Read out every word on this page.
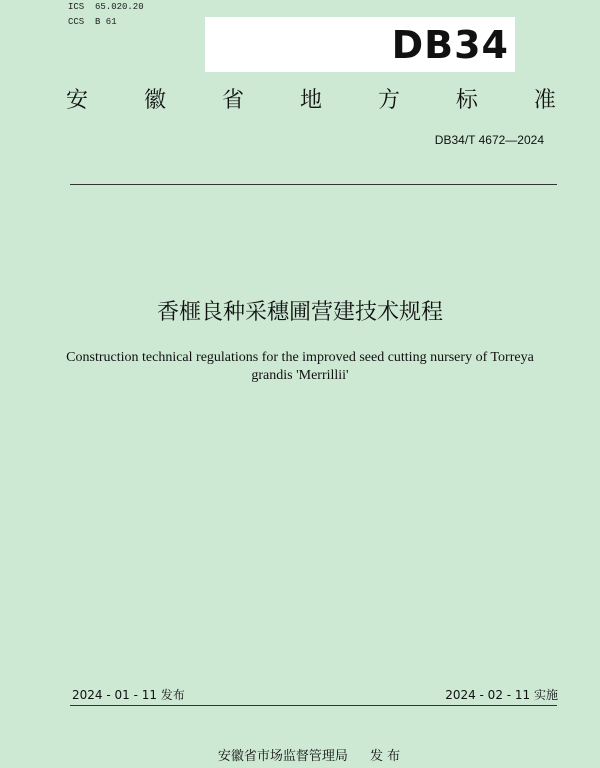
ICS  65.020.20
CCS  B 61
DB34
安	徽	省	地	方	标	准
DB34/T 4672—2024
香榧良种采穗圃营建技术规程
Construction technical regulations for the improved seed cutting nursery of Torreya grandis 'Merrillii'
2024 - 01 - 11 发布	2024 - 02 - 11 实施
安徽省市场监督管理局 发 布
